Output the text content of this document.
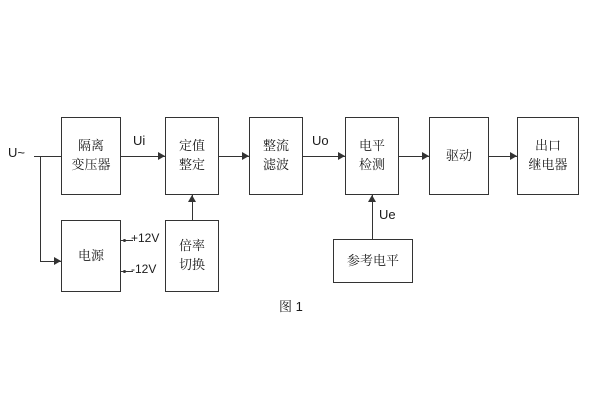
U~	隔离
变压器
Ui	定值
整定
整流
滤波
Uo 电平
检测
驱动
出口
继电器
电源
+12V
-12V
倍率
切换	参考电平
Ue
图 1
